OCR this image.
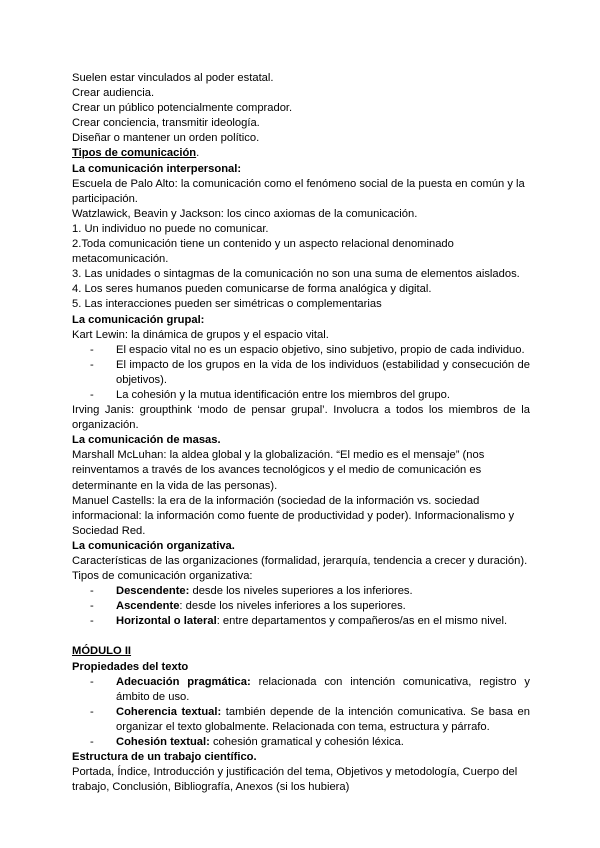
Suelen estar vinculados al poder estatal.

Crear audiencia.

Crear un público potencialmente comprador.

Crear conciencia, transmitir ideología.

Diseñar o mantener un orden político.

Tipos de comunicación.

La comunicación interpersonal:

Escuela de Palo Alto: la comunicación como el fenómeno social de la puesta en común y la participación.

Watzlawick, Beavin y Jackson: los cinco axiomas de la comunicación.

1. Un individuo no puede no comunicar.

2.Toda comunicación tiene un contenido y un aspecto relacional denominado metacomunicación.

3. Las unidades o sintagmas de la comunicación no son una suma de elementos aislados.

4. Los seres humanos pueden comunicarse de forma analógica y digital.

5. Las interacciones pueden ser simétricas o complementarias

La comunicación grupal:

Kart Lewin: la dinámica de grupos y el espacio vital.

-	El espacio vital no es un espacio objetivo, sino subjetivo, propio de cada individuo.
-	El impacto de los grupos en la vida de los individuos (estabilidad y consecución de objetivos).
-	La cohesión y la mutua identificación entre los miembros del grupo.

Irving Janis: groupthink ‘modo de pensar grupal’. Involucra a todos los miembros de la organización.

La comunicación de masas.

Marshall McLuhan: la aldea global y la globalización. “El medio es el mensaje” (nos reinventamos a través de los avances tecnológicos y el medio de comunicación es determinante en la vida de las personas).

Manuel Castells: la era de la información (sociedad de la información vs. sociedad informacional: la información como fuente de productividad y poder). Informacionalismo y Sociedad Red.

La comunicación organizativa.

Características de las organizaciones (formalidad, jerarquía, tendencia a crecer y duración).

Tipos de comunicación organizativa:

-	Descendente: desde los niveles superiores a los inferiores.
-	Ascendente: desde los niveles inferiores a los superiores.
-	Horizontal o lateral: entre departamentos y compañeros/as en el mismo nivel.

MÓDULO II

Propiedades del texto

-	Adecuación pragmática: relacionada con intención comunicativa, registro y ámbito de uso.
-	Coherencia textual: también depende de la intención comunicativa. Se basa en organizar el texto globalmente. Relacionada con tema, estructura y párrafo.
-	Cohesión textual: cohesión gramatical y cohesión léxica.

Estructura de un trabajo científico.

Portada, Índice, Introducción y justificación del tema, Objetivos y metodología, Cuerpo del trabajo, Conclusión, Bibliografía, Anexos (si los hubiera)
